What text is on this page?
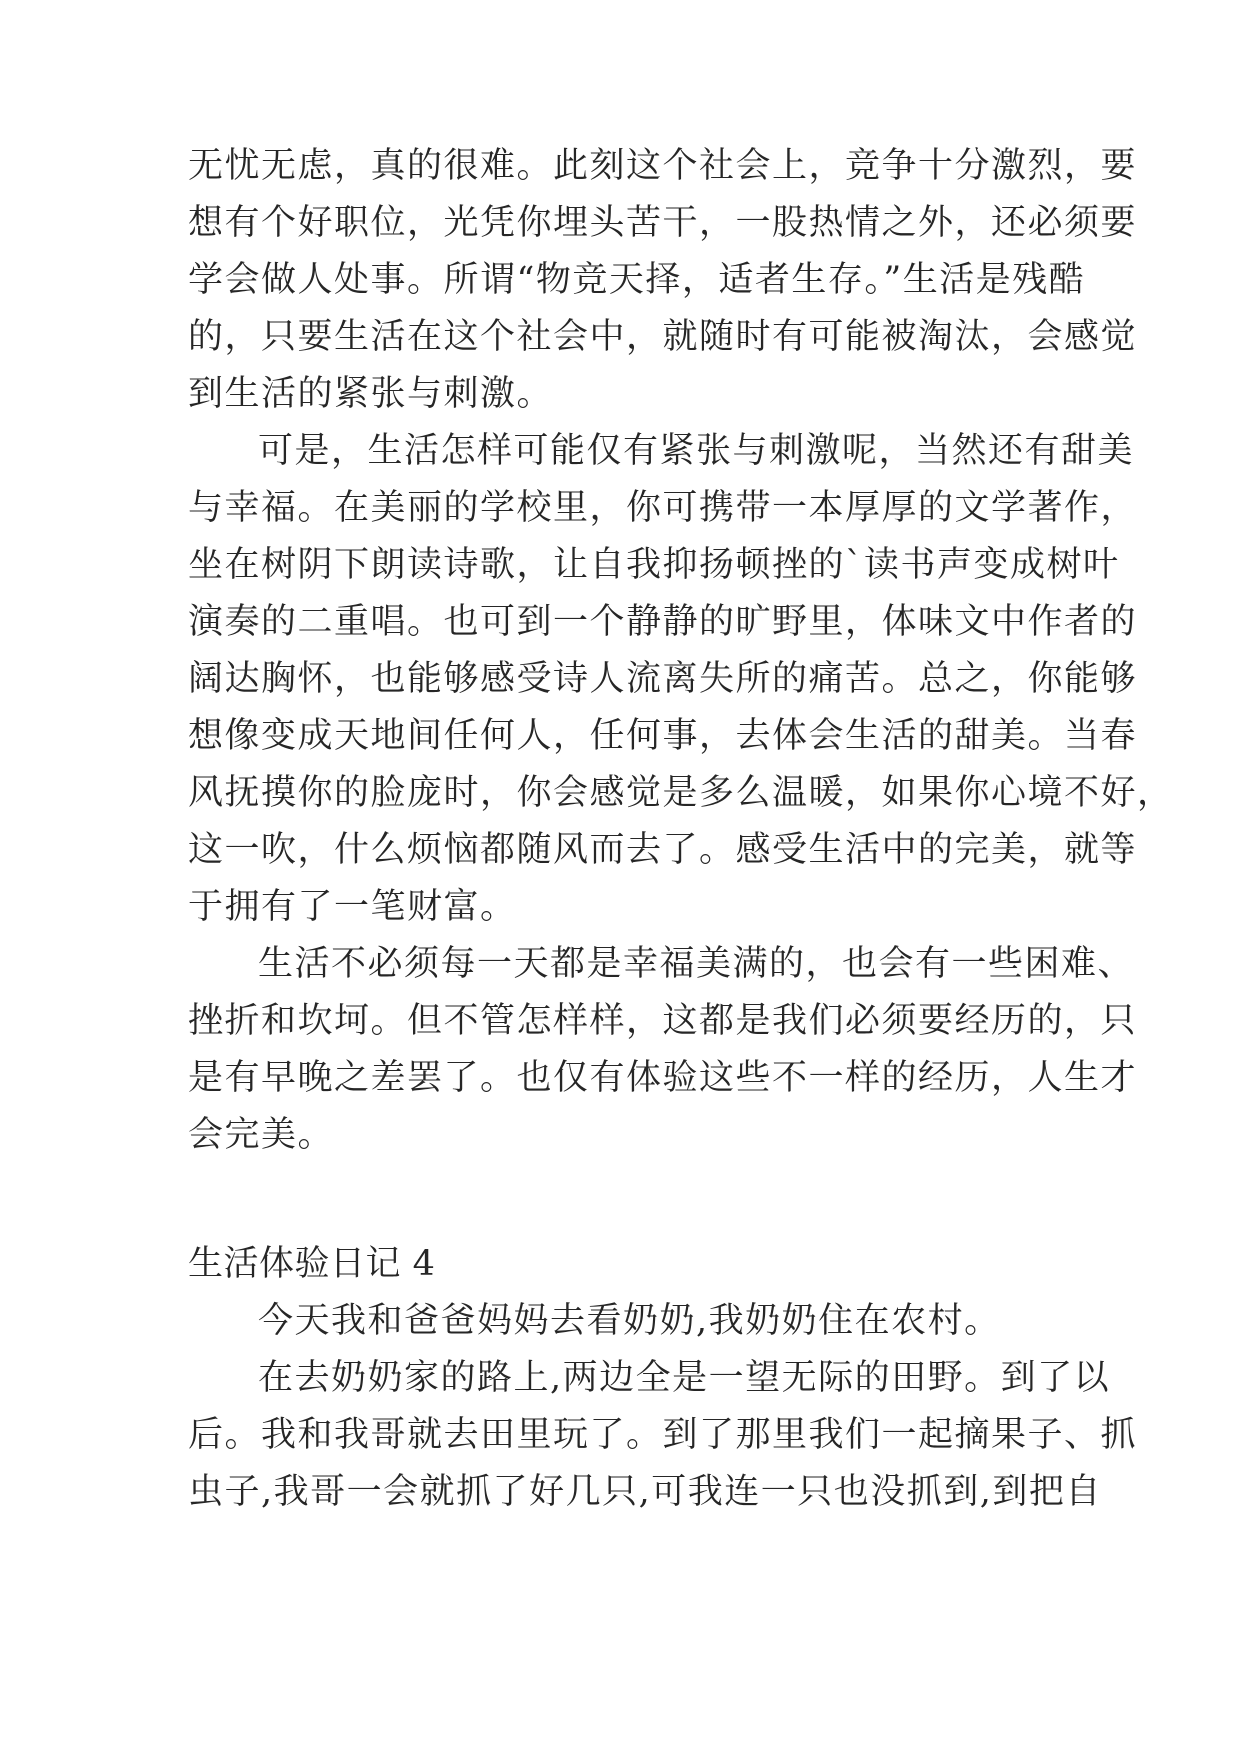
无忧无虑，真的很难。此刻这个社会上，竞争十分激烈，要
想有个好职位，光凭你埋头苦干，一股热情之外，还必须要
学会做人处事。所谓“物竞天择，适者生存。”生活是残酷
的，只要生活在这个社会中，就随时有可能被淘汰，会感觉
到生活的紧张与刺激。
可是，生活怎样可能仅有紧张与刺激呢，当然还有甜美
与幸福。在美丽的学校里，你可携带一本厚厚的文学著作，
坐在树阴下朗读诗歌，让自我抑扬顿挫的`读书声变成树叶
演奏的二重唱。也可到一个静静的旷野里，体味文中作者的
阔达胸怀，也能够感受诗人流离失所的痛苦。总之，你能够
想像变成天地间任何人，任何事，去体会生活的甜美。当春
风抚摸你的脸庞时，你会感觉是多么温暖，如果你心境不好，
这一吹，什么烦恼都随风而去了。感受生活中的完美，就等
于拥有了一笔财富。
生活不必须每一天都是幸福美满的，也会有一些困难、
挫折和坎坷。但不管怎样样，这都是我们必须要经历的，只
是有早晚之差罢了。也仅有体验这些不一样的经历，人生才
会完美。
生活体验日记 4
今天我和爸爸妈妈去看奶奶,我奶奶住在农村。
在去奶奶家的路上,两边全是一望无际的田野。到了以
后。我和我哥就去田里玩了。到了那里我们一起摘果子、抓
虫子,我哥一会就抓了好几只,可我连一只也没抓到,到把自
